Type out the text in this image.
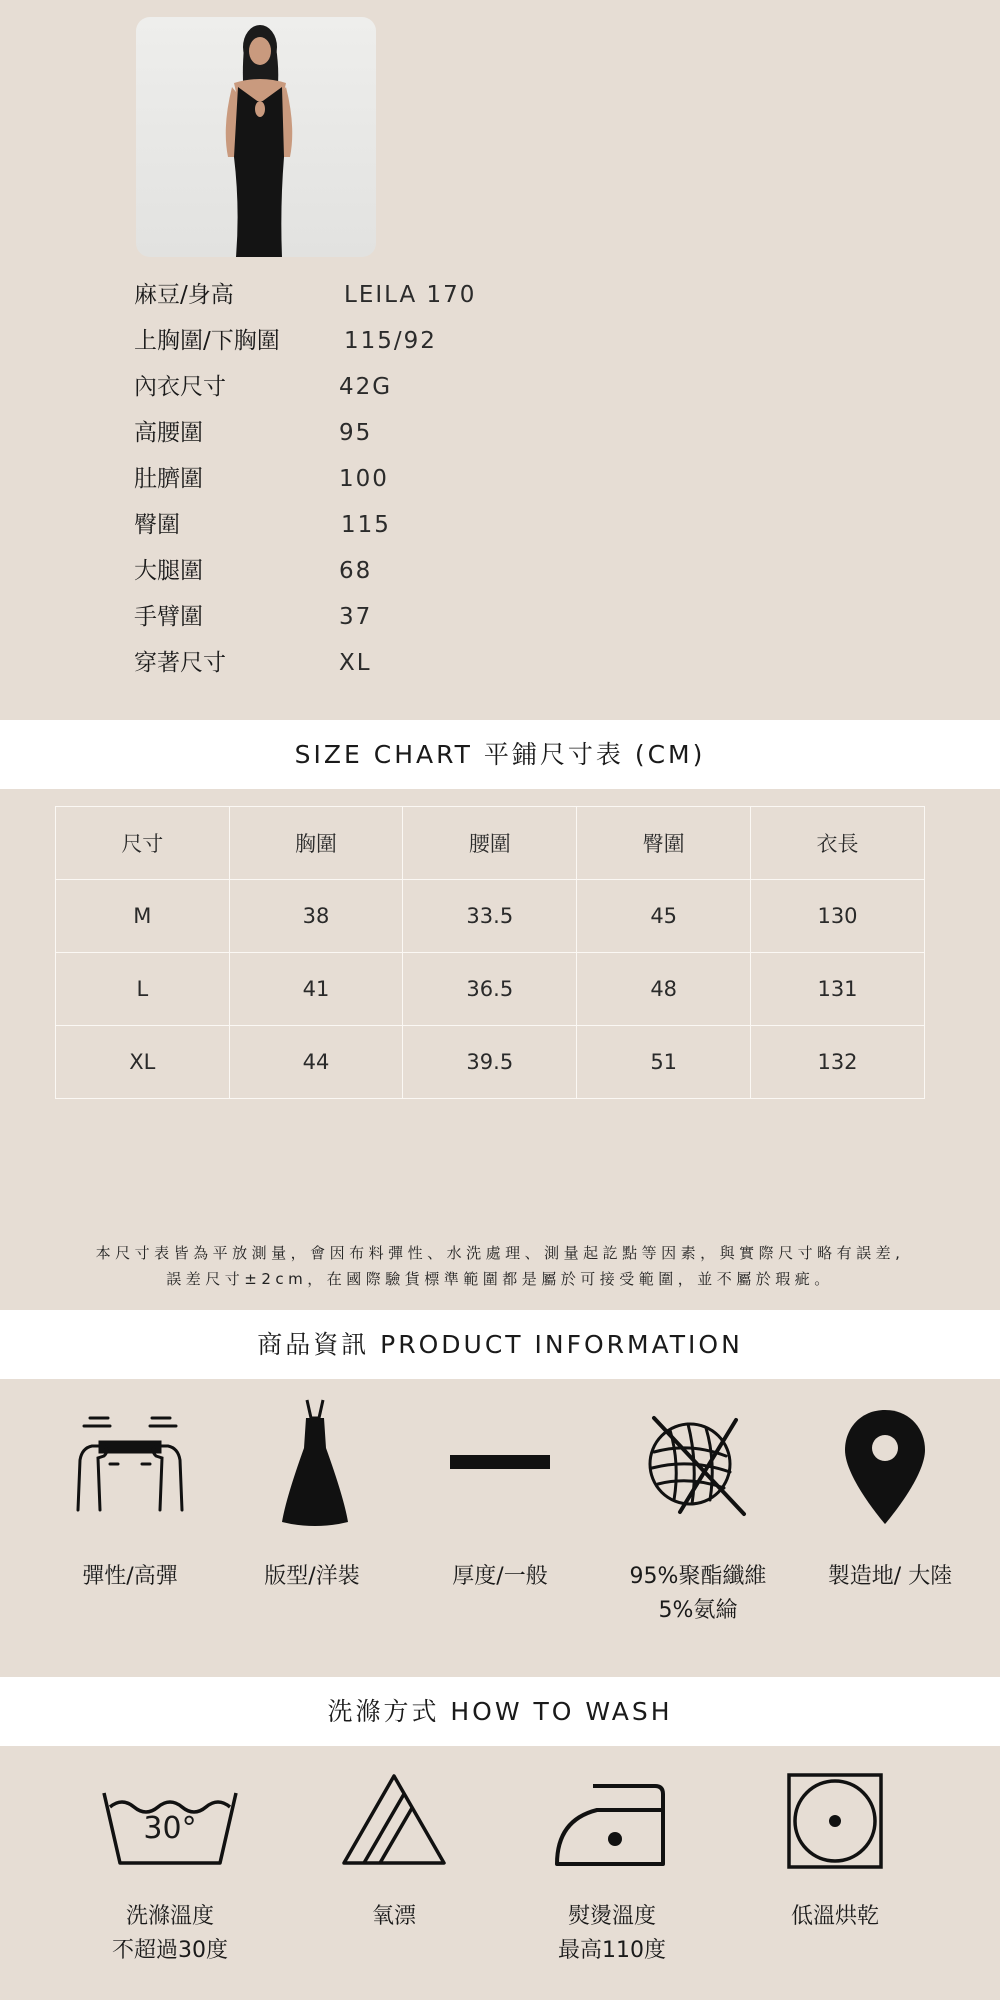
麻豆/身高	LEILA 170
上胸圍/下胸圍	115/92
內衣尺寸	42G
高腰圍	95
肚臍圍	100
臀圍	115
大腿圍	68
手臂圍	37
穿著尺寸	XL
SIZE CHART 平鋪尺寸表 (CM)
尺寸	胸圍	腰圍	臀圍	衣長
M	38	33.5	45	130
L	41	36.5	48	131
XL	44	39.5	51	132
本尺寸表皆為平放測量，會因布料彈性、水洗處理、測量起訖點等因素，與實際尺寸略有誤差,
誤差尺寸±2cm，在國際驗貨標準範圍都是屬於可接受範圍，並不屬於瑕疵。
商品資訊 PRODUCT INFORMATION
彈性/高彈	版型/洋裝	厚度/一般	95%聚酯纖維
5%氨綸
製造地/ 大陸
洗滌方式 HOW TO WASH
30°
洗滌溫度
不超過30度
氧漂	熨燙溫度
最高110度
低溫烘乾
